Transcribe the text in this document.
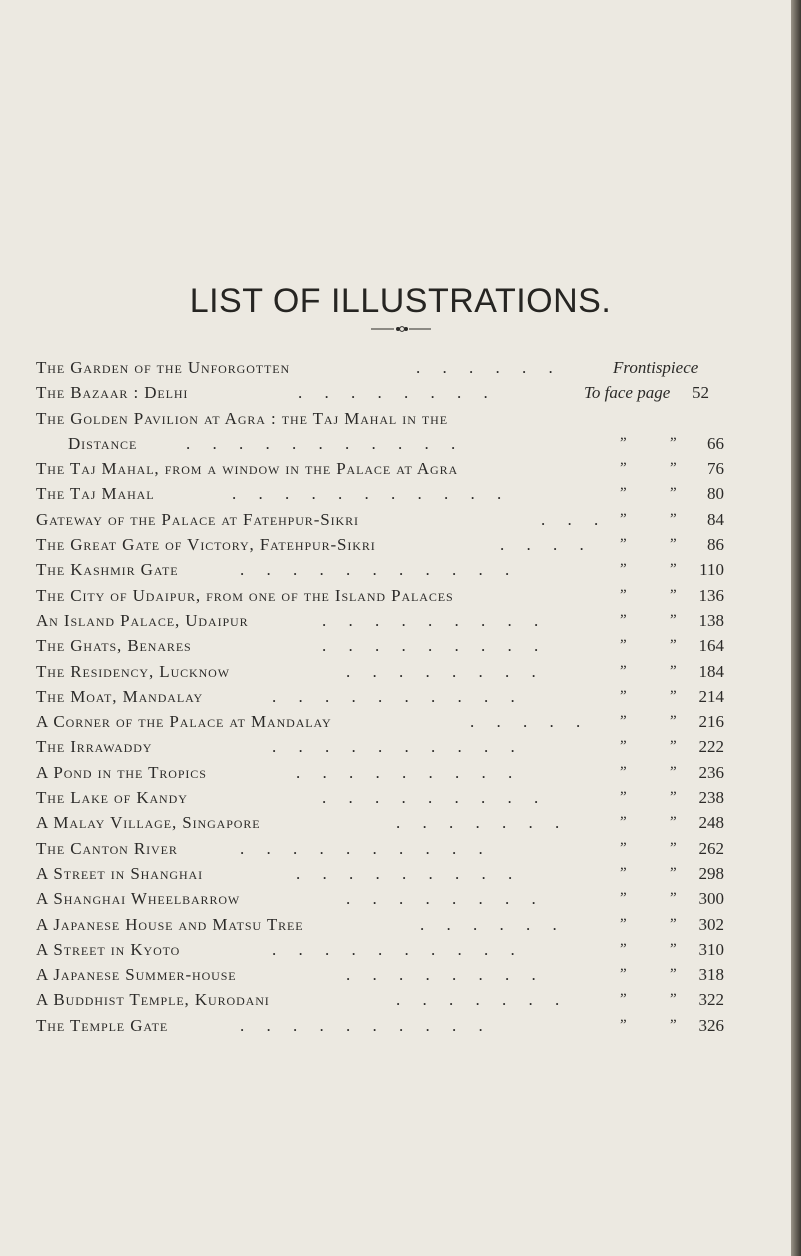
LIST OF ILLUSTRATIONS.
The Garden of the Unforgotten	. . . . . .	Frontispiece
The Bazaar : Delhi	. . . . . . . .	To face page 52
The Golden Pavilion at Agra : the Taj Mahal in the
Distance	. . . . . . . . . . .	”	”	66
The Taj Mahal, from a window in the Palace at Agra	”	”	76
The Taj Mahal	. . . . . . . . . . .	”	”	80
Gateway of the Palace at Fatehpur-Sikri	. . . ”	”	84
The Great Gate of Victory, Fatehpur-Sikri	. . . . ”	”	86
The Kashmir Gate	. . . . . . . . . . .	”	”	110
The City of Udaipur, from one of the Island Palaces	”	”	136
An Island Palace, Udaipur	. . . . . . . . .	”	”	138
The Ghats, Benares	. . . . . . . . .	”	”	164
The Residency, Lucknow	. . . . . . . .	”	”	184
The Moat, Mandalay	. . . . . . . . . .	”	”	214
A Corner of the Palace at Mandalay	. . . . . ”	”	216
The Irrawaddy	. . . . . . . . . .	”	”	222
A Pond in the Tropics	. . . . . . . . .	”	”	236
The Lake of Kandy	. . . . . . . . .	”	”	238
A Malay Village, Singapore	. . . . . . .	”	”	248
The Canton River	. . . . . . . . . .	”	”	262
A Street in Shanghai	. . . . . . . . .	”	”	298
A Shanghai Wheelbarrow	. . . . . . . .	”	”	300
A Japanese House and Matsu Tree	. . . . . .	”	”	302
A Street in Kyoto	. . . . . . . . . .	”	”	310
A Japanese Summer-house	. . . . . . . .	”	”	318
A Buddhist Temple, Kurodani	. . . . . . .	”	”	322
The Temple Gate	. . . . . . . . . .	”	”	326
